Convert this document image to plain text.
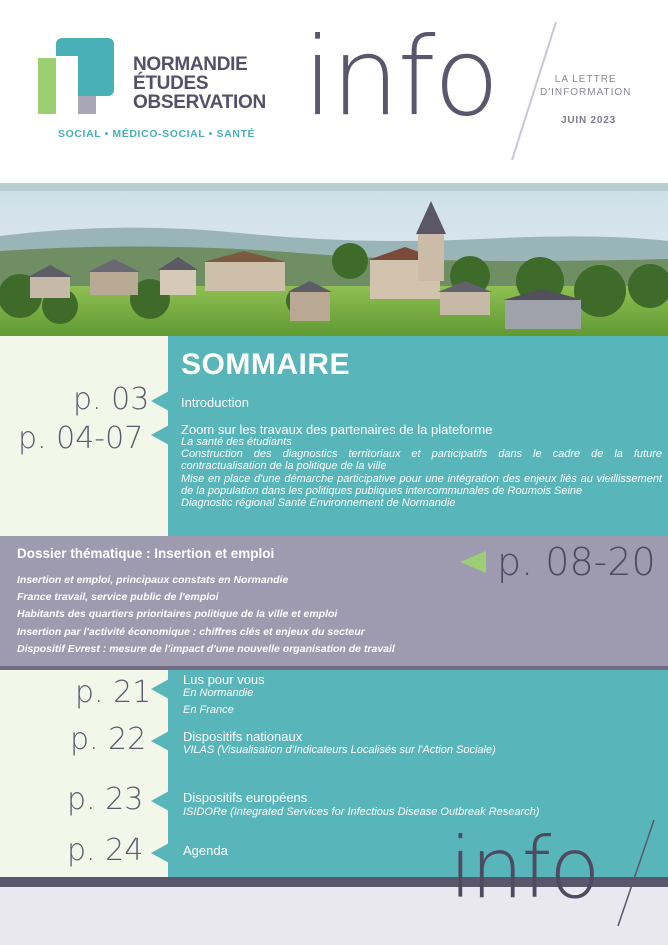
NORMANDIE
ÉTUDES
OBSERVATION
SOCIAL • MÉDICO-SOCIAL • SANTÉ info	LA LETTRE
D'INFORMATION
JUIN 2023
SOMMAIRE
p. 03 Introduction
p. 04-07	Zoom sur les travaux des partenaires de la plateforme
La santé des étudiants
Construction des diagnostics territoriaux et participatifs dans le cadre de la future contractualisation de la politique de la ville
Mise en place d'une démarche participative pour une intégration des enjeux liés au vieillissement de la population dans les politiques publiques intercommunales de Roumois Seine
Diagnostic régional Santé Environnement de Normandie
Dossier thématique : Insertion et emploi	p. 08-20
Insertion et emploi, principaux constats en Normandie
France travail, service public de l'emploi
Habitants des quartiers prioritaires politique de la ville et emploi
Insertion par l'activité économique : chiffres clés et enjeux du secteur
Dispositif Evrest : mesure de l'impact d'une nouvelle organisation de travail
p. 21 Lus pour vous
En Normandie
En France
p. 22	Dispositifs nationaux
VILAS (Visualisation d'Indicateurs Localisés sur l'Action Sociale)
p. 23	Dispositifs européens
ISIDORe (Integrated Services for Infectious Disease Outbreak Research)
p. 24	Agenda	info
